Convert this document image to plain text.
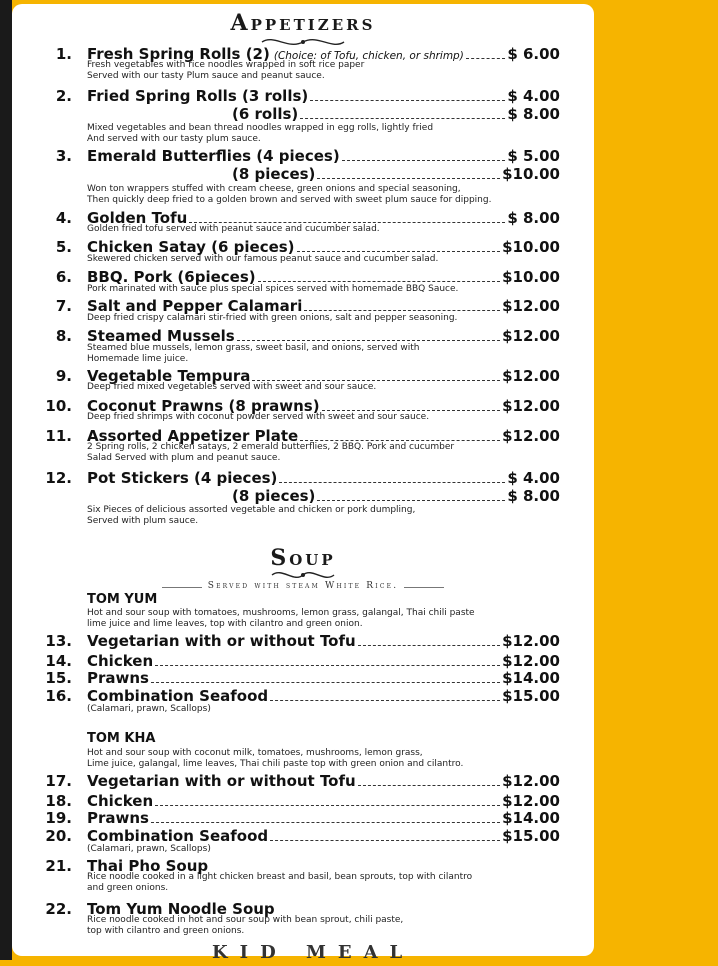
Appetizers
1. Fresh Spring Rolls (2) (Choice: of Tofu, chicken, or shrimp)	$ 6.00
Fresh vegetables with rice noodles wrapped in soft rice paper
Served with our tasty Plum sauce and peanut sauce.
2. Fried Spring Rolls (3 rolls)	$ 4.00
(6 rolls)	$ 8.00
Mixed vegetables and bean thread noodles wrapped in egg rolls, lightly fried
And served with our tasty plum sauce.
3. Emerald Butterflies (4 pieces)	$ 5.00
(8 pieces)	$10.00
Won ton wrappers stuffed with cream cheese, green onions and special seasoning,
Then quickly deep fried to a golden brown and served with sweet plum sauce for dipping.
4. Golden Tofu	$ 8.00
Golden fried tofu served with peanut sauce and cucumber salad.
5. Chicken Satay (6 pieces)	$10.00
Skewered chicken served with our famous peanut sauce and cucumber salad.
6. BBQ. Pork (6pieces)	$10.00
Pork marinated with sauce plus special spices served with homemade BBQ Sauce.
7. Salt and Pepper Calamari	$12.00
Deep fried crispy calamari stir-fried with green onions, salt and pepper seasoning.
8. Steamed Mussels	$12.00
Steamed blue mussels, lemon grass, sweet basil, and onions, served with
Homemade lime juice.
9. Vegetable Tempura	$12.00
Deep fried mixed vegetables served with sweet and sour sauce.
10. Coconut Prawns (8 prawns)	$12.00
Deep fried shrimps with coconut powder served with sweet and sour sauce.
11. Assorted Appetizer Plate	$12.00
2 Spring rolls, 2 chicken satays, 2 emerald butterflies, 2 BBQ. Pork and cucumber
Salad Served with plum and peanut sauce.
12. Pot Stickers (4 pieces)	$ 4.00
(8 pieces)	$ 8.00
Six Pieces of delicious assorted vegetable and chicken or pork dumpling,
Served with plum sauce.
Soup
Served with steam White Rice.
TOM YUM
Hot and sour soup with tomatoes, mushrooms, lemon grass, galangal, Thai chili paste
lime juice and lime leaves, top with cilantro and green onion.
13. Vegetarian with or without Tofu	$12.00
14. Chicken	$12.00
15. Prawns	$14.00
16. Combination Seafood	$15.00
(Calamari, prawn, Scallops)
TOM KHA
Hot and sour soup with coconut milk, tomatoes, mushrooms, lemon grass,
Lime juice, galangal, lime leaves, Thai chili paste top with green onion and cilantro.
17. Vegetarian with or without Tofu	$12.00
18. Chicken	$12.00
19. Prawns	$14.00
20. Combination Seafood	$15.00
(Calamari, prawn, Scallops)
21. Thai Pho Soup
Rice noodle cooked in a light chicken breast and basil, bean sprouts, top with cilantro
and green onions.
22. Tom Yum Noodle Soup
Rice noodle cooked in hot and sour soup with bean sprout, chili paste,
top with cilantro and green onions.
KID MEAL
